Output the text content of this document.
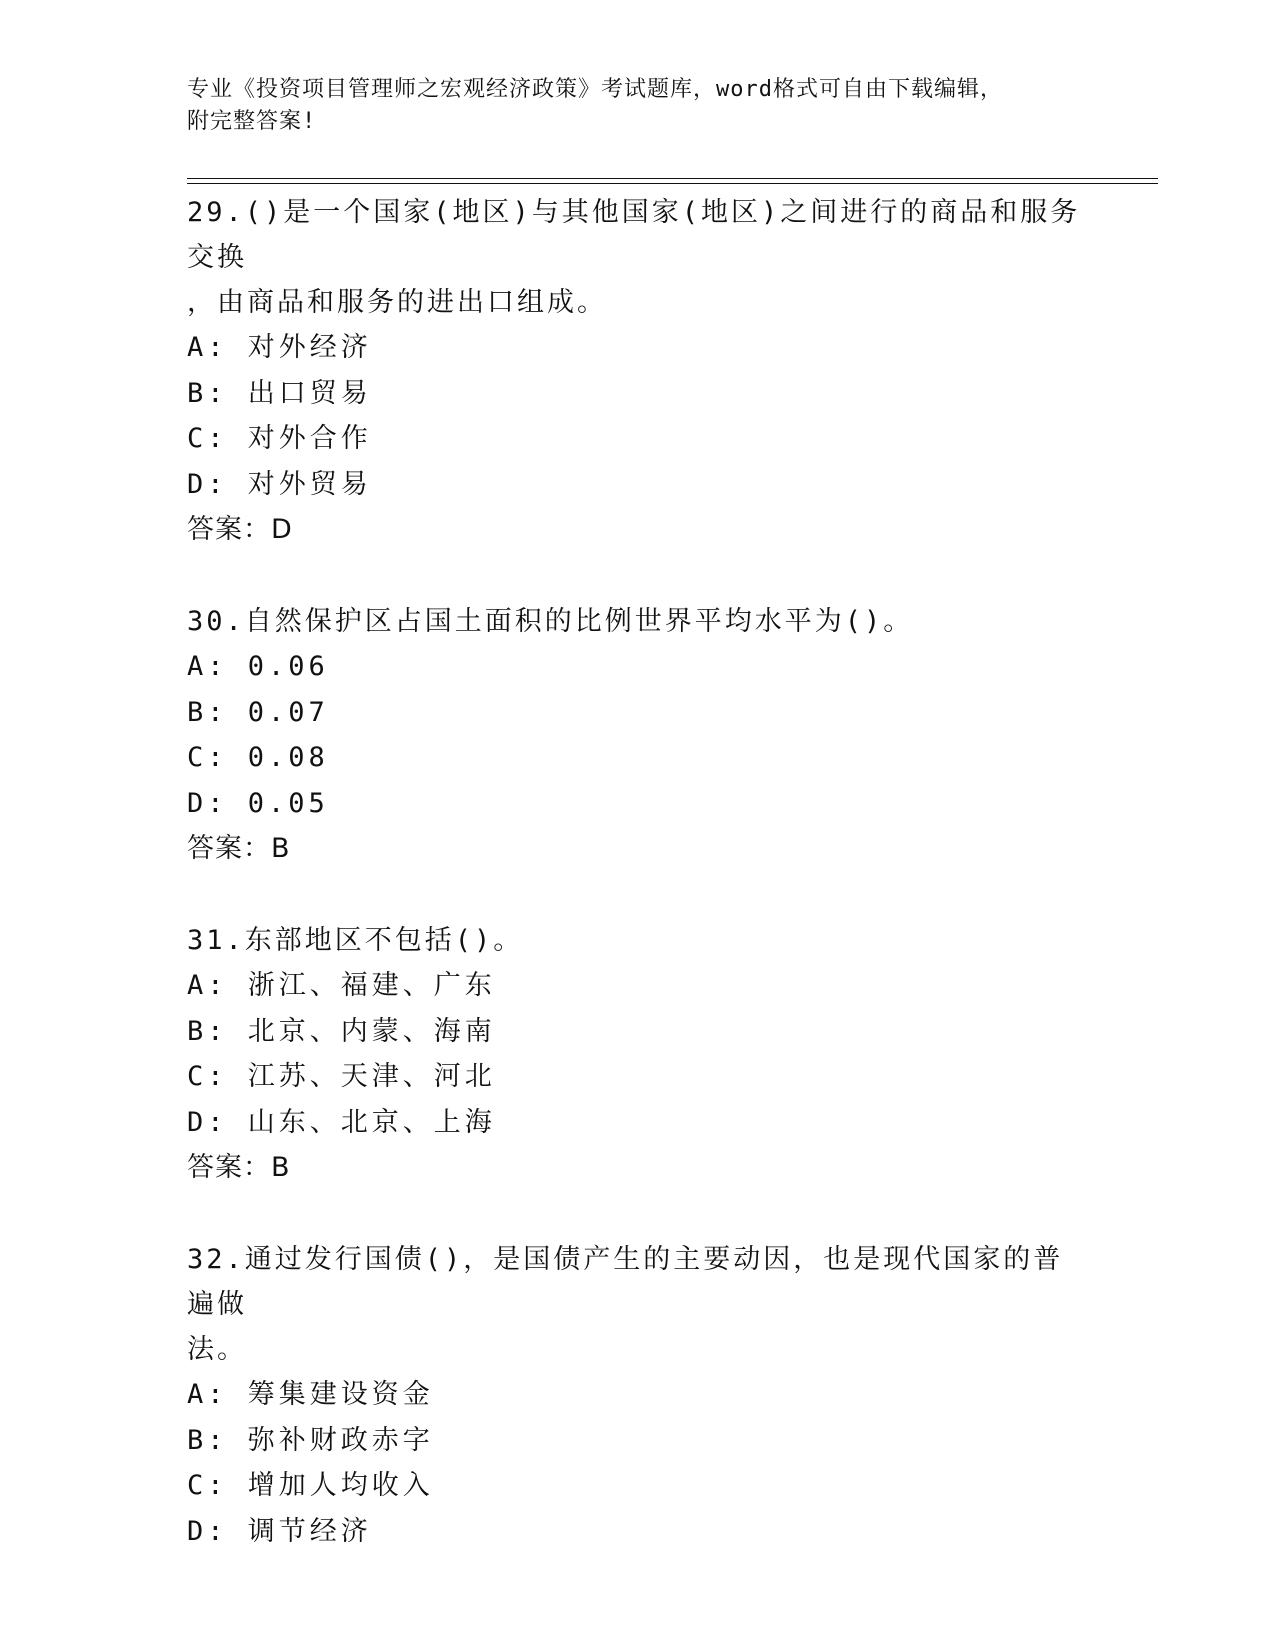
专业《投资项目管理师之宏观经济政策》考试题库，word格式可自由下载编辑，
附完整答案!
29.()是一个国家(地区)与其他国家(地区)之间进行的商品和服务交换
，由商品和服务的进出口组成。
A: 对外经济
B: 出口贸易
C: 对外合作
D: 对外贸易
答案：D
30.自然保护区占国土面积的比例世界平均水平为()。
A: 0.06
B: 0.07
C: 0.08
D: 0.05
答案：B
31.东部地区不包括()。
A: 浙江、福建、广东
B: 北京、内蒙、海南
C: 江苏、天津、河北
D: 山东、北京、上海
答案：B
32.通过发行国债()，是国债产生的主要动因，也是现代国家的普遍做
法。
A: 筹集建设资金
B: 弥补财政赤字
C: 增加人均收入
D: 调节经济
